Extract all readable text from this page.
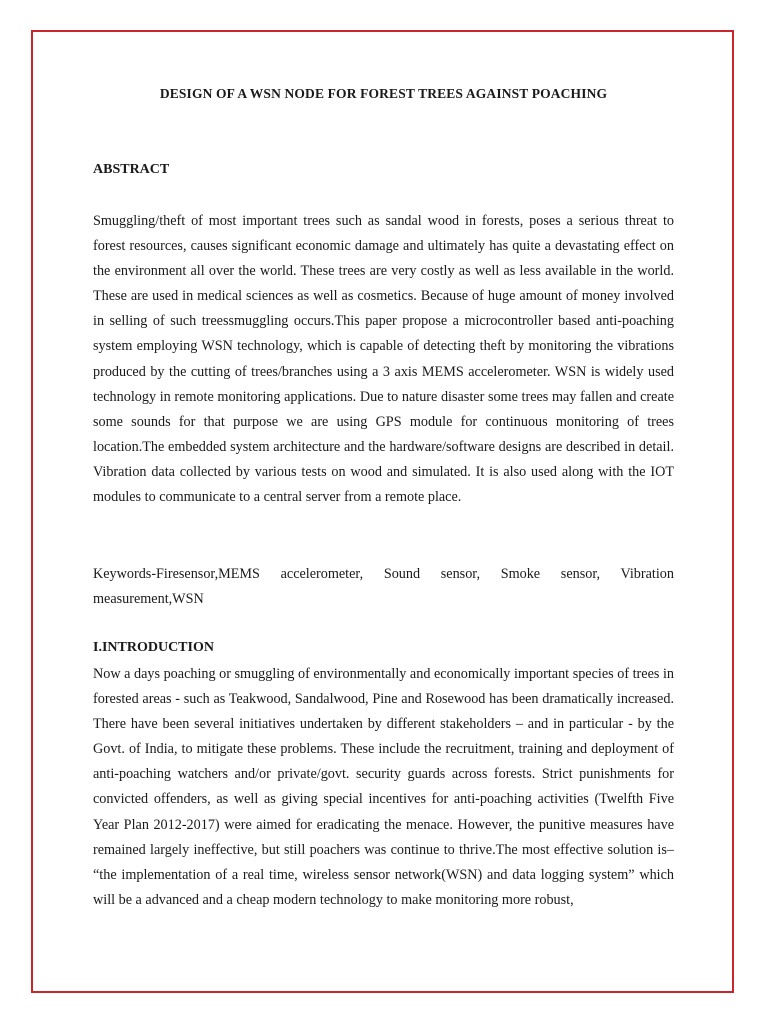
DESIGN OF A WSN NODE FOR FOREST TREES AGAINST POACHING
ABSTRACT

Smuggling/theft of most important trees such as sandal wood in forests, poses a serious threat to forest resources, causes significant economic damage and ultimately has quite a devastating effect on the environment all over the world. These trees are very costly as well as less available in the world. These are used in medical sciences as well as cosmetics. Because of huge amount of money involved in selling of such treessmuggling occurs.This paper propose a microcontroller based anti-poaching system employing WSN technology, which is capable of detecting theft by monitoring the vibrations produced by the cutting of trees/branches using a 3 axis MEMS accelerometer. WSN is widely used technology in remote monitoring applications. Due to nature disaster some trees may fallen and create some sounds for that purpose we are using GPS module for continuous monitoring of trees location.The embedded system architecture and the hardware/software designs are described in detail. Vibration data collected by various tests on wood and simulated. It is also used along with the IOT modules to communicate to a central server from a remote place.

Keywords-Firesensor,MEMS accelerometer, Sound sensor, Smoke sensor, Vibration measurement,WSN

I.INTRODUCTION

Now a days poaching or smuggling of environmentally and economically important species of trees in forested areas - such as Teakwood, Sandalwood, Pine and Rosewood has been dramatically increased. There have been several initiatives undertaken by different stakeholders – and in particular - by the Govt. of India, to mitigate these problems. These include the recruitment, training and deployment of anti-poaching watchers and/or private/govt. security guards across forests. Strict punishments for convicted offenders, as well as giving special incentives for anti-poaching activities (Twelfth Five Year Plan 2012-2017) were aimed for eradicating the menace. However, the punitive measures have remained largely ineffective, but still poachers was continue to thrive.The most effective solution is– “the implementation of a real time, wireless sensor network(WSN) and data logging system” which will be a advanced and a cheap modern technology to make monitoring more robust,
